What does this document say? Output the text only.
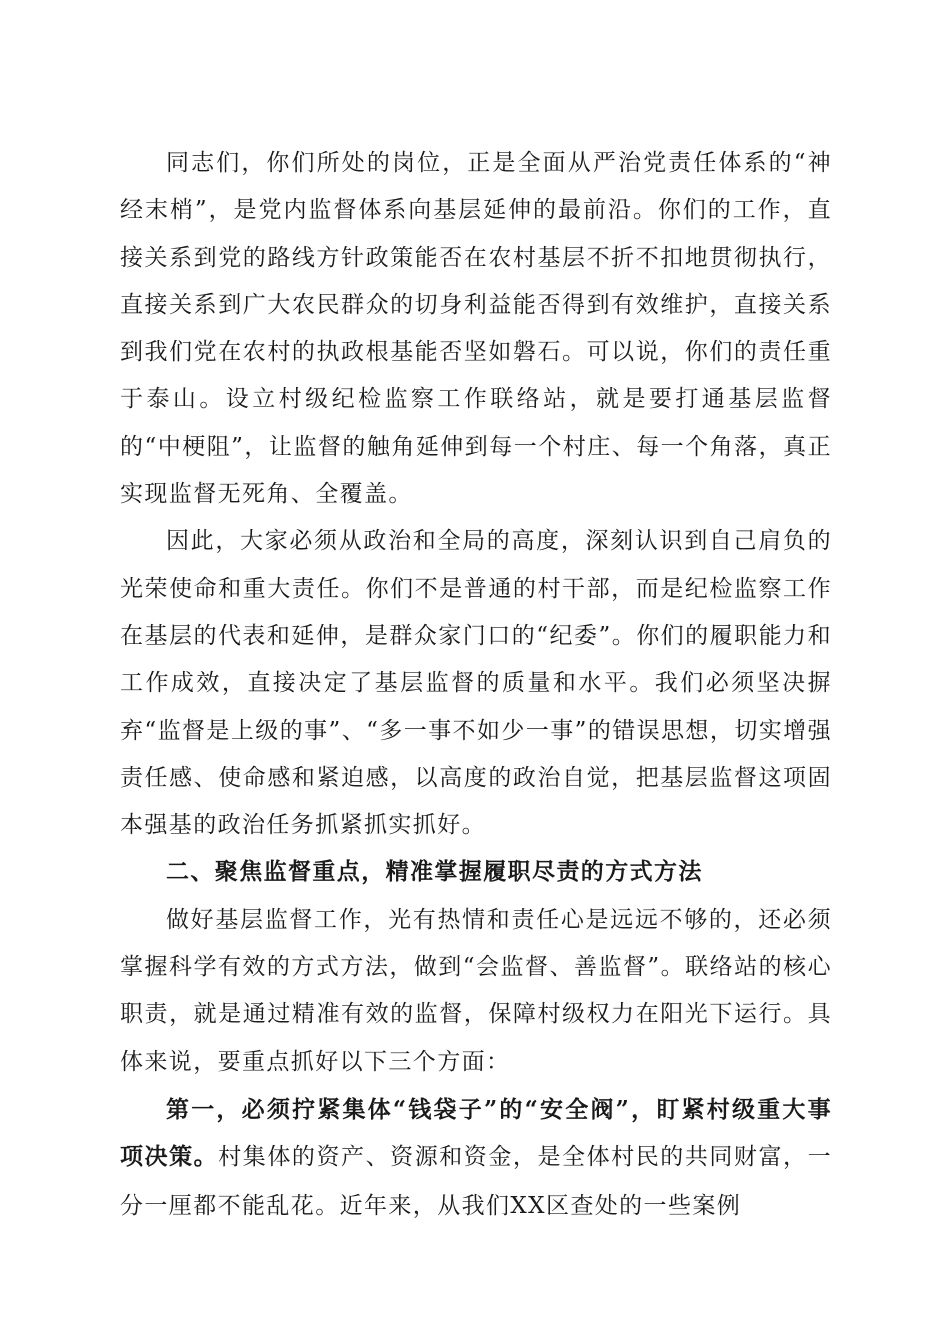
同志们，你们所处的岗位，正是全面从严治党责任体系的“神经末梢”，是党内监督体系向基层延伸的最前沿。你们的工作，直接关系到党的路线方针政策能否在农村基层不折不扣地贯彻执行，直接关系到广大农民群众的切身利益能否得到有效维护，直接关系到我们党在农村的执政根基能否坚如磐石。可以说，你们的责任重于泰山。设立村级纪检监察工作联络站，就是要打通基层监督的“中梗阻”，让监督的触角延伸到每一个村庄、每一个角落，真正实现监督无死角、全覆盖。

因此，大家必须从政治和全局的高度，深刻认识到自己肩负的光荣使命和重大责任。你们不是普通的村干部，而是纪检监察工作在基层的代表和延伸，是群众家门口的“纪委”。你们的履职能力和工作成效，直接决定了基层监督的质量和水平。我们必须坚决摒弃“监督是上级的事”、“多一事不如少一事”的错误思想，切实增强责任感、使命感和紧迫感，以高度的政治自觉，把基层监督这项固本强基的政治任务抓紧抓实抓好。

二、聚焦监督重点，精准掌握履职尽责的方式方法

做好基层监督工作，光有热情和责任心是远远不够的，还必须掌握科学有效的方式方法，做到“会监督、善监督”。联络站的核心职责，就是通过精准有效的监督，保障村级权力在阳光下运行。具体来说，要重点抓好以下三个方面：

第一，必须拧紧集体“钱袋子”的“安全阀”，盯紧村级重大事项决策。村集体的资产、资源和资金，是全体村民的共同财富，一分一厘都不能乱花。近年来，从我们XX区查处的一些案例
